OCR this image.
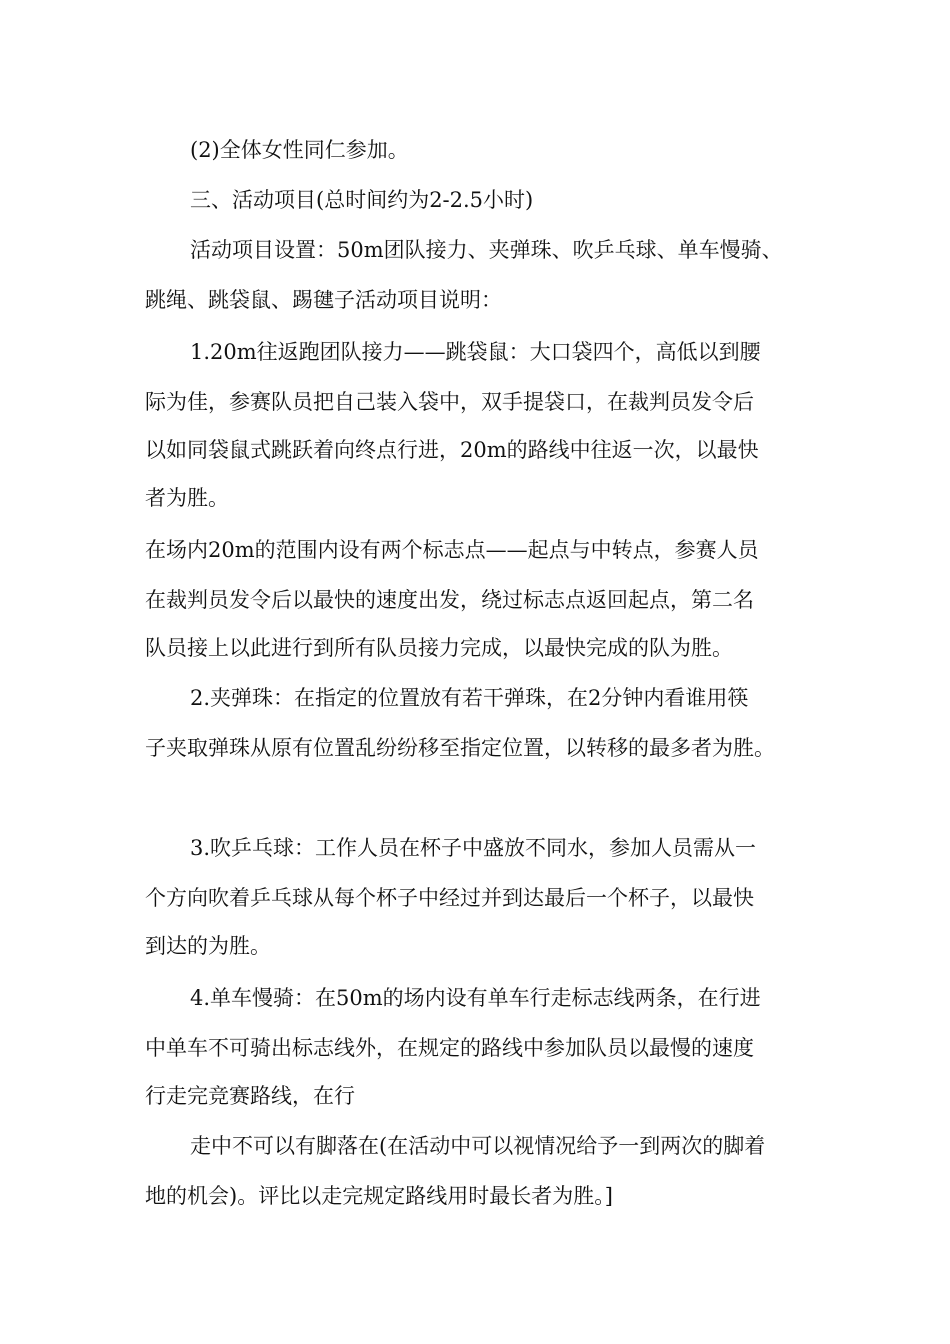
(2)全体女性同仁参加。

三、活动项目(总时间约为2-2.5小时)

活动项目设置：50m团队接力、夹弹珠、吹乒乓球、单车慢骑、

跳绳、跳袋鼠、踢毽子活动项目说明：

1.20m往返跑团队接力——跳袋鼠：大口袋四个，高低以到腰

际为佳，参赛队员把自己装入袋中，双手提袋口，在裁判员发令后

以如同袋鼠式跳跃着向终点行进，20m的路线中往返一次，以最快

者为胜。

在场内20m的范围内设有两个标志点——起点与中转点，参赛人员

在裁判员发令后以最快的速度出发，绕过标志点返回起点，第二名

队员接上以此进行到所有队员接力完成，以最快完成的队为胜。

2.夹弹珠：在指定的位置放有若干弹珠，在2分钟内看谁用筷

子夹取弹珠从原有位置乱纷纷移至指定位置，以转移的最多者为胜。

3.吹乒乓球：工作人员在杯子中盛放不同水，参加人员需从一

个方向吹着乒乓球从每个杯子中经过并到达最后一个杯子，以最快

到达的为胜。

4.单车慢骑：在50m的场内设有单车行走标志线两条，在行进

中单车不可骑出标志线外，在规定的路线中参加队员以最慢的速度

行走完竞赛路线，在行

走中不可以有脚落在(在活动中可以视情况给予一到两次的脚着

地的机会)。评比以走完规定路线用时最长者为胜。]
